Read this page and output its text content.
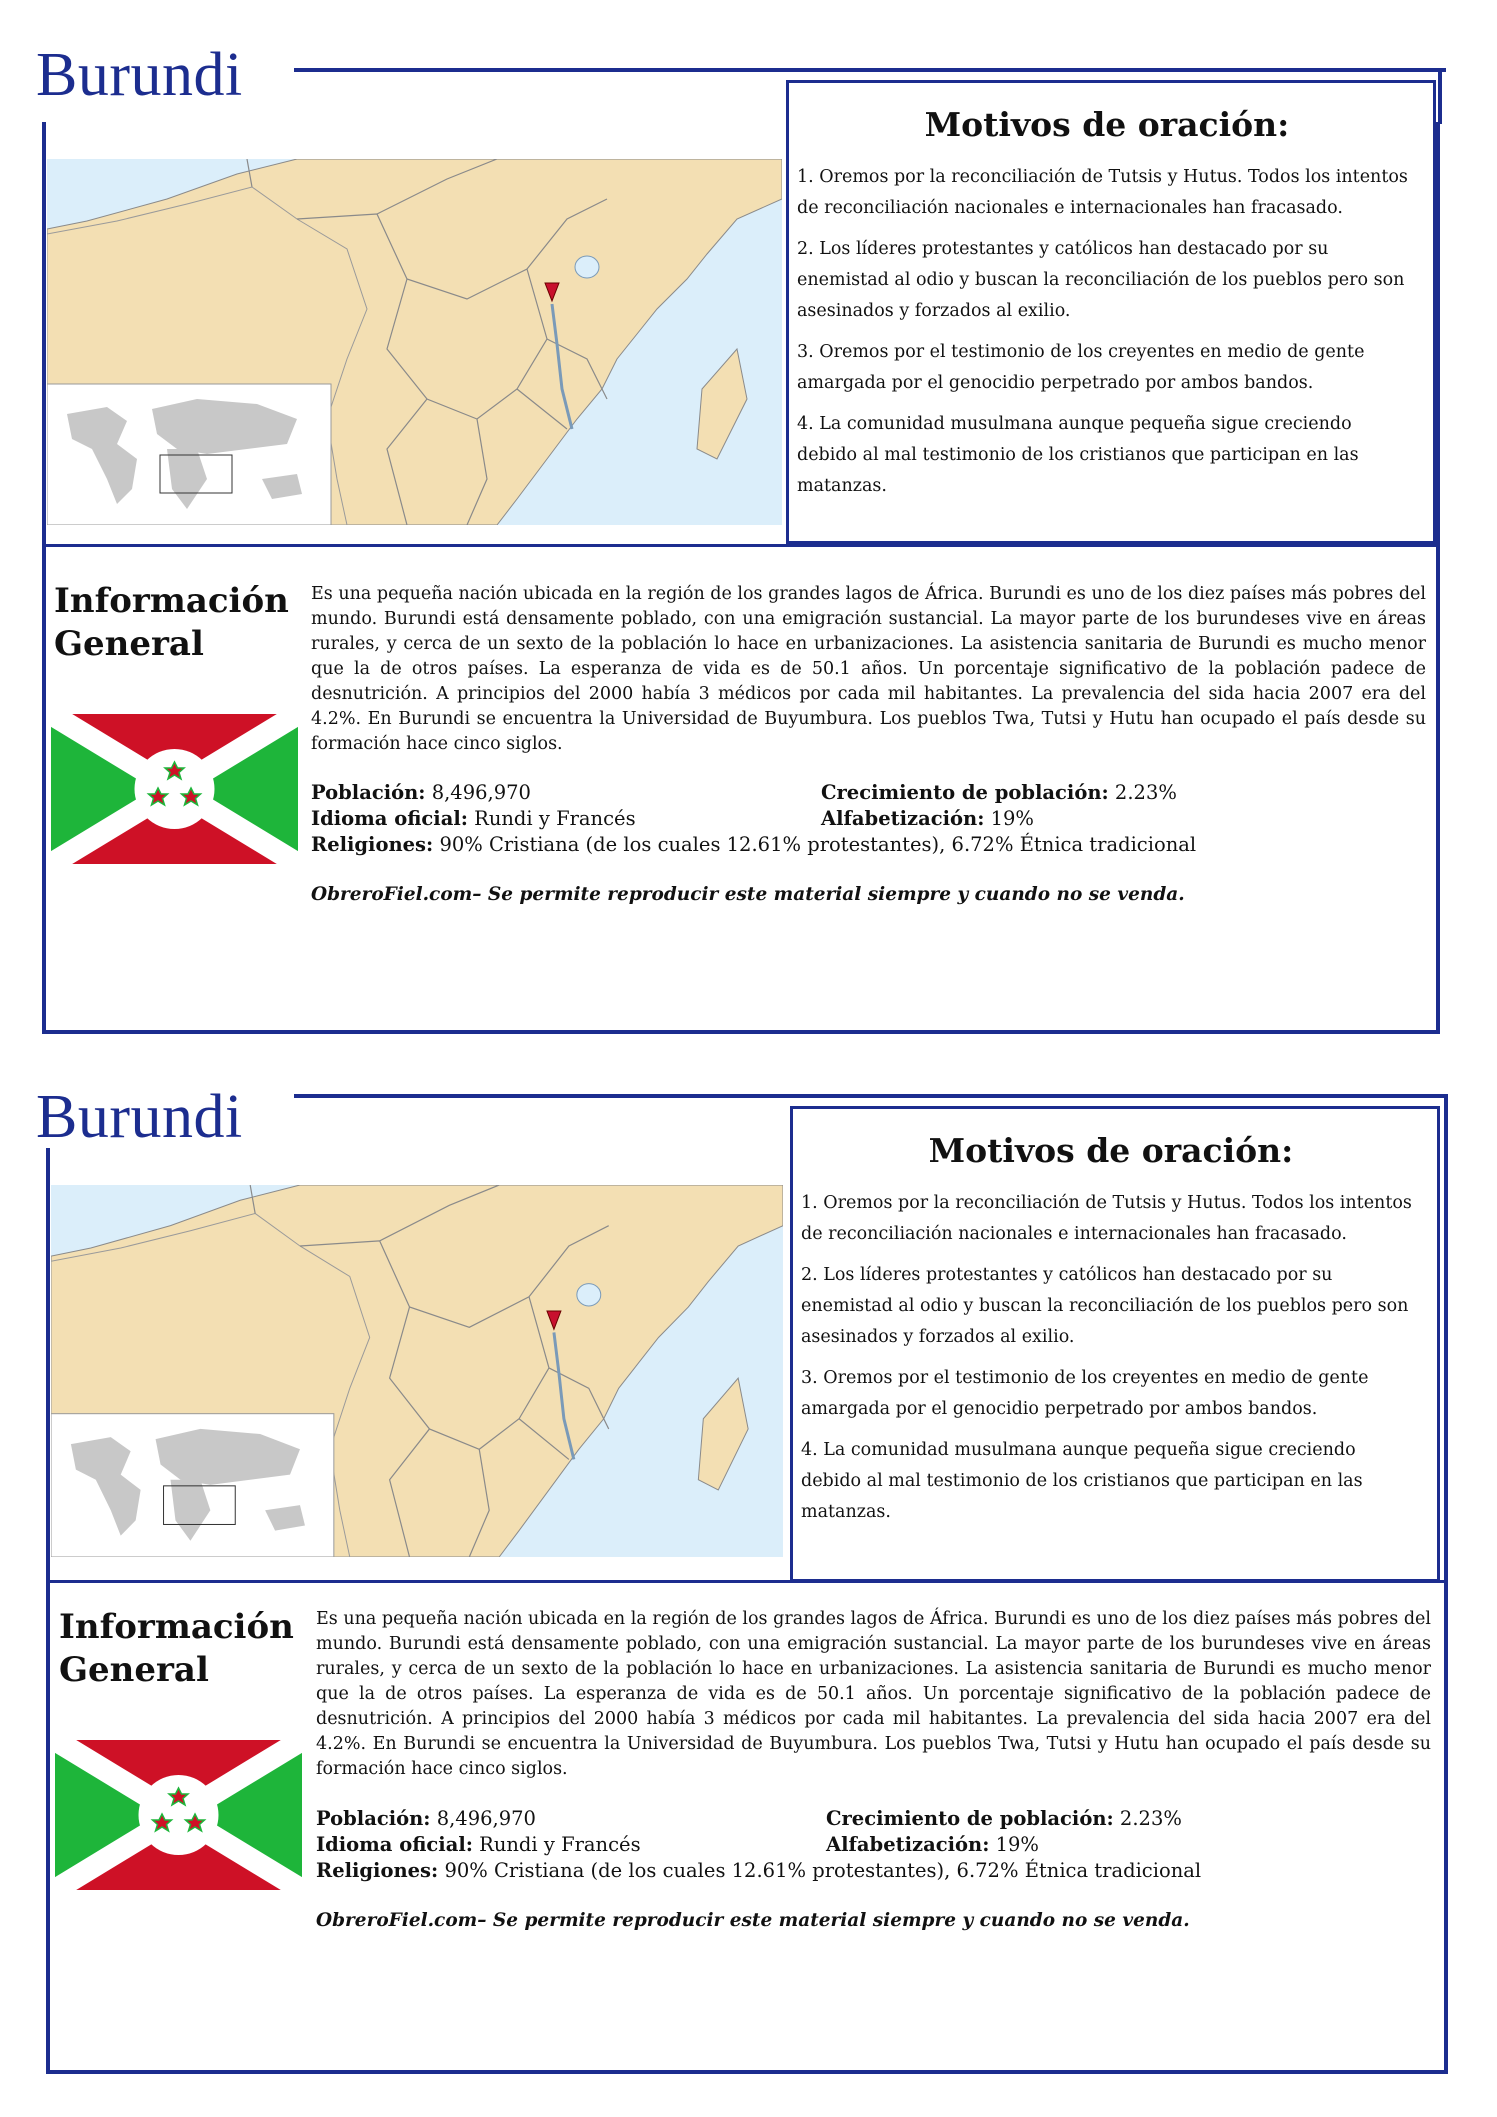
Burundi
Motivos de oración:

1. Oremos por la reconciliación de Tutsis y Hutus. Todos los intentos de reconciliación nacionales e internacionales han fracasado.

2. Los líderes protestantes y católicos han destacado por su enemistad al odio y buscan la reconciliación de los pueblos pero son asesinados y forzados al exilio.

3. Oremos por el testimonio de los creyentes en medio de gente amargada por el genocidio perpetrado por ambos bandos.

4. La comunidad musulmana aunque pequeña sigue creciendo debido al mal testimonio de los cristianos que participan en las matanzas.

Información
General
Es una pequeña nación ubicada en la región de los grandes lagos de África. Burundi es uno de los diez países más pobres del mundo. Burundi está densamente poblado, con una emigración sustancial. La mayor parte de los burundeses vive en áreas rurales, y cerca de un sexto de la población lo hace en urbanizaciones. La asistencia sanitaria de Burundi es mucho menor que la de otros países. La esperanza de vida es de 50.1 años. Un porcentaje significativo de la población padece de desnutrición. A principios del 2000 había 3 médicos por cada mil habitantes. La prevalencia del sida hacia 2007 era del 4.2%. En Burundi se encuentra la Universidad de Buyumbura. Los pueblos Twa, Tutsi y Hutu han ocupado el país desde su formación hace cinco siglos.
Población: 8,496,970	Crecimiento de población: 2.23%
Idioma oficial: Rundi y Francés	Alfabetización: 19%
Religiones: 90% Cristiana (de los cuales 12.61% protestantes), 6.72% Étnica tradicional
ObreroFiel.com– Se permite reproducir este material siempre y cuando no se venda.
Burundi	Motivos de oración:

1. Oremos por la reconciliación de Tutsis y Hutus. Todos los intentos de reconciliación nacionales e internacionales han fracasado.

2. Los líderes protestantes y católicos han destacado por su enemistad al odio y buscan la reconciliación de los pueblos pero son asesinados y forzados al exilio.

3. Oremos por el testimonio de los creyentes en medio de gente amargada por el genocidio perpetrado por ambos bandos.

4. La comunidad musulmana aunque pequeña sigue creciendo debido al mal testimonio de los cristianos que participan en las matanzas.

Información
General
Es una pequeña nación ubicada en la región de los grandes lagos de África. Burundi es uno de los diez países más pobres del mundo. Burundi está densamente poblado, con una emigración sustancial. La mayor parte de los burundeses vive en áreas rurales, y cerca de un sexto de la población lo hace en urbanizaciones. La asistencia sanitaria de Burundi es mucho menor que la de otros países. La esperanza de vida es de 50.1 años. Un porcentaje significativo de la población padece de desnutrición. A principios del 2000 había 3 médicos por cada mil habitantes. La prevalencia del sida hacia 2007 era del 4.2%. En Burundi se encuentra la Universidad de Buyumbura. Los pueblos Twa, Tutsi y Hutu han ocupado el país desde su formación hace cinco siglos.
Población: 8,496,970	Crecimiento de población: 2.23%
Idioma oficial: Rundi y Francés	Alfabetización: 19%
Religiones: 90% Cristiana (de los cuales 12.61% protestantes), 6.72% Étnica tradicional
ObreroFiel.com– Se permite reproducir este material siempre y cuando no se venda.
